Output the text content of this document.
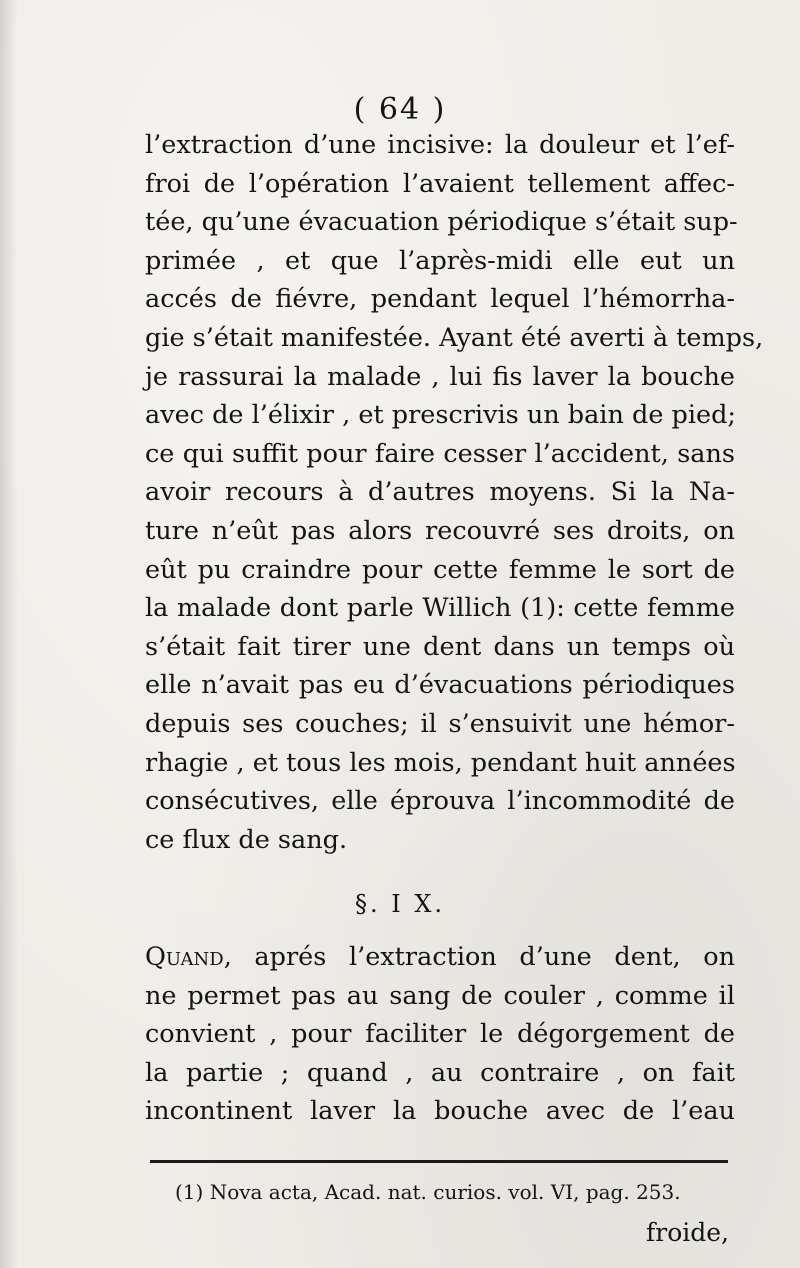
( 64 )
l’extraction d’une incisive: la douleur et l’ef-
froi de l’opération l’avaient tellement affec-
tée, qu’une évacuation périodique s’était sup-
primée , et que l’après-midi elle eut un
accés de fiévre, pendant lequel l’hémorrha-
gie s’était manifestée. Ayant été averti à temps,
je rassurai la malade , lui fis laver la bouche
avec de l’élixir , et prescrivis un bain de pied;
ce qui suffit pour faire cesser l’accident, sans
avoir recours à d’autres moyens. Si la Na-
ture n’eût pas alors recouvré ses droits, on
eût pu craindre pour cette femme le sort de
la malade dont parle Willich (1): cette femme
s’était fait tirer une dent dans un temps où
elle n’avait pas eu d’évacuations périodiques
depuis ses couches; il s’ensuivit une hémor-
rhagie , et tous les mois, pendant huit années
consécutives, elle éprouva l’incommodité de
ce flux de sang.
§. I X.
Quand, aprés l’extraction d’une dent, on
ne permet pas au sang de couler , comme il
convient , pour faciliter le dégorgement de
la partie ; quand , au contraire , on fait
incontinent laver la bouche avec de l’eau
(1) Nova acta, Acad. nat. curios. vol. VI, pag. 253.
froide,
